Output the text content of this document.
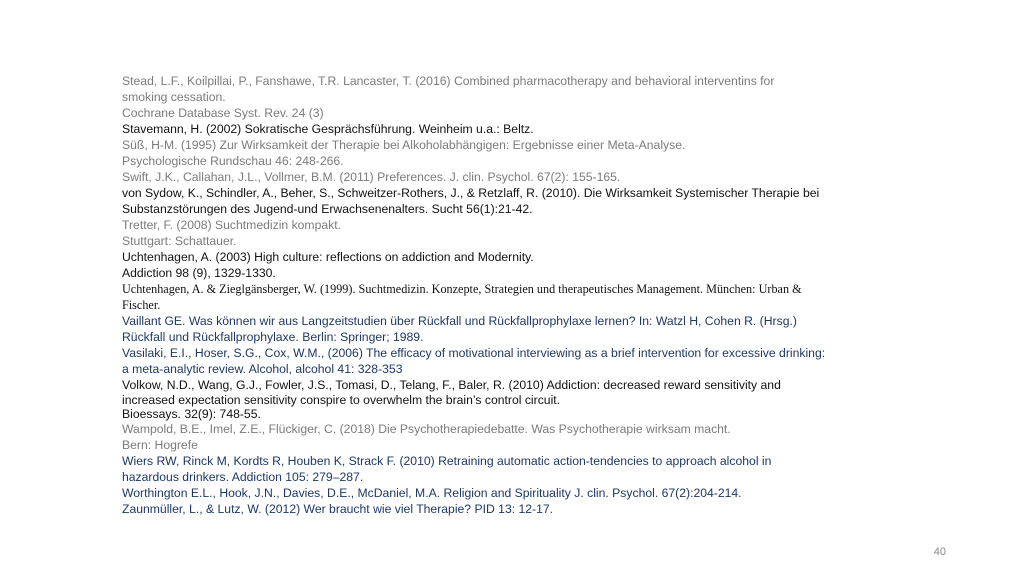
Stead, L.F., Koilpillai, P., Fanshawe, T.R. Lancaster, T. (2016) Combined pharmacotherapy and behavioral interventins for

smoking cessation.

Cochrane Database Syst. Rev. 24 (3)

Stavemann, H. (2002) Sokratische Gesprächsführung. Weinheim u.a.: Beltz.

Süß, H-M. (1995) Zur Wirksamkeit der Therapie bei Alkoholabhängigen: Ergebnisse einer Meta-Analyse.

Psychologische Rundschau 46: 248-266.

Swift, J.K., Callahan, J.L., Vollmer, B.M. (2011) Preferences. J. clin. Psychol. 67(2): 155-165.

von Sydow, K., Schindler, A., Beher, S., Schweitzer-Rothers, J., & Retzlaff, R. (2010). Die Wirksamkeit Systemischer Therapie bei

Substanzstörungen des Jugend-und Erwachsenenalters. Sucht 56(1):21-42.

Tretter, F. (2008) Suchtmedizin kompakt.

Stuttgart: Schattauer.

Uchtenhagen, A. (2003) High culture: reflections on addiction and Modernity.

Addiction 98 (9), 1329-1330.

Uchtenhagen, A. & Zieglgänsberger, W. (1999). Suchtmedizin. Konzepte, Strategien und therapeutisches Management. München: Urban &

Fischer.

Vaillant GE. Was können wir aus Langzeitstudien über Rückfall und Rückfallprophylaxe lernen? In: Watzl H, Cohen R. (Hrsg.)

Rückfall und Rückfallprophylaxe. Berlin: Springer; 1989.

Vasilaki, E.I., Hoser, S.G., Cox, W.M., (2006) The efficacy of motivational interviewing as a brief intervention for excessive drinking:

a meta-analytic review. Alcohol, alcohol 41: 328-353

Volkow, N.D., Wang, G.J., Fowler, J.S., Tomasi, D., Telang, F., Baler, R. (2010) Addiction: decreased reward sensitivity and

increased expectation sensitivity conspire to overwhelm the brain’s control circuit.

Bioessays. 32(9): 748-55.

Wampold, B.E., Imel, Z.E., Flückiger, C. (2018) Die Psychotherapiedebatte. Was Psychotherapie wirksam macht.

Bern: Hogrefe

Wiers RW, Rinck M, Kordts R, Houben K, Strack F. (2010) Retraining automatic action-tendencies to approach alcohol in

hazardous drinkers. Addiction 105: 279–287.

Worthington E.L., Hook, J.N., Davies, D.E., McDaniel, M.A. Religion and Spirituality J. clin. Psychol. 67(2):204-214.

Zaunmüller, L., & Lutz, W. (2012) Wer braucht wie viel Therapie? PID 13: 12-17.

40
